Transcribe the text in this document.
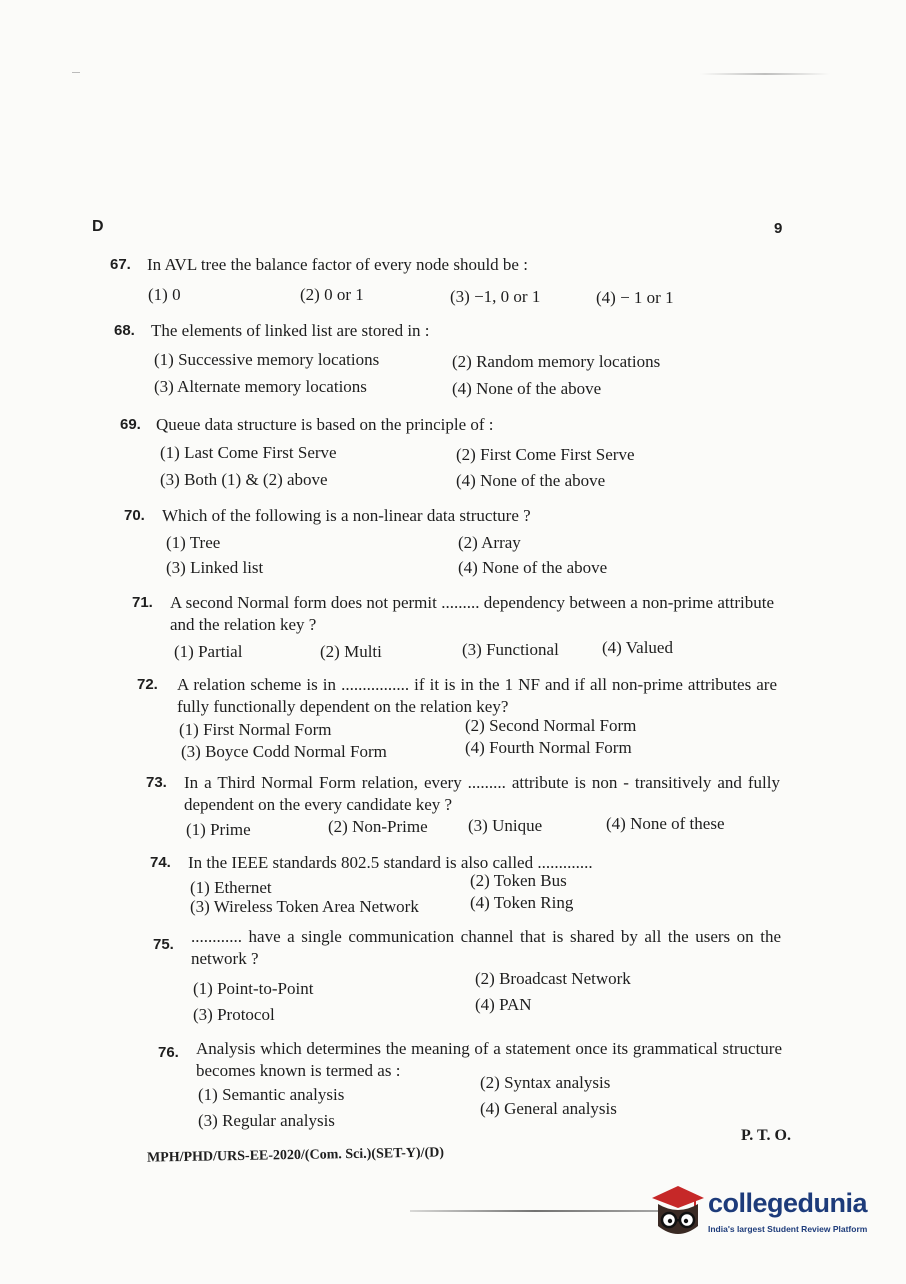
D	9
67. In AVL tree the balance factor of every node should be :
(1) 0	(2) 0 or 1	(3) −1, 0 or 1	(4) − 1 or 1
68. The elements of linked list are stored in :
(1) Successive memory locations	(2) Random memory locations
(3) Alternate memory locations	(4) None of the above
69. Queue data structure is based on the principle of :
(1) Last Come First Serve	(2) First Come First Serve
(3) Both (1) & (2) above	(4) None of the above
70. Which of the following is a non-linear data structure ?
(1) Tree	(2) Array
(3) Linked list	(4) None of the above
71. A second Normal form does not permit ......... dependency between a non-prime attribute and the relation key ?
(1) Partial	(2) Multi	(3) Functional	(4) Valued
72. A relation scheme is in ................ if it is in the 1 NF and if all non-prime attributes are fully functionally dependent on the relation key?
(1) First Normal Form	(2) Second Normal Form
(3) Boyce Codd Normal Form	(4) Fourth Normal Form
73. In a Third Normal Form relation, every ......... attribute is non - transitively and fully dependent on the every candidate key ?
(1) Prime	(2) Non-Prime (3) Unique	(4) None of these
74. In the IEEE standards 802.5 standard is also called .............
(1) Ethernet	(2) Token Bus
(3) Wireless Token Area Network	(4) Token Ring
75. ............ have a single communication channel that is shared by all the users on the network ?
(1) Point-to-Point
(2) Broadcast Network
(3) Protocol
(4) PAN
76. Analysis which determines the meaning of a statement once its grammatical structure becomes known is termed as :
(1) Semantic analysis
(2) Syntax analysis
(3) Regular analysis
(4) General analysis
P. T. O.
MPH/PHD/URS-EE-2020/(Com. Sci.)(SET-Y)/(D)
collegedunia
India's largest Student Review Platform
